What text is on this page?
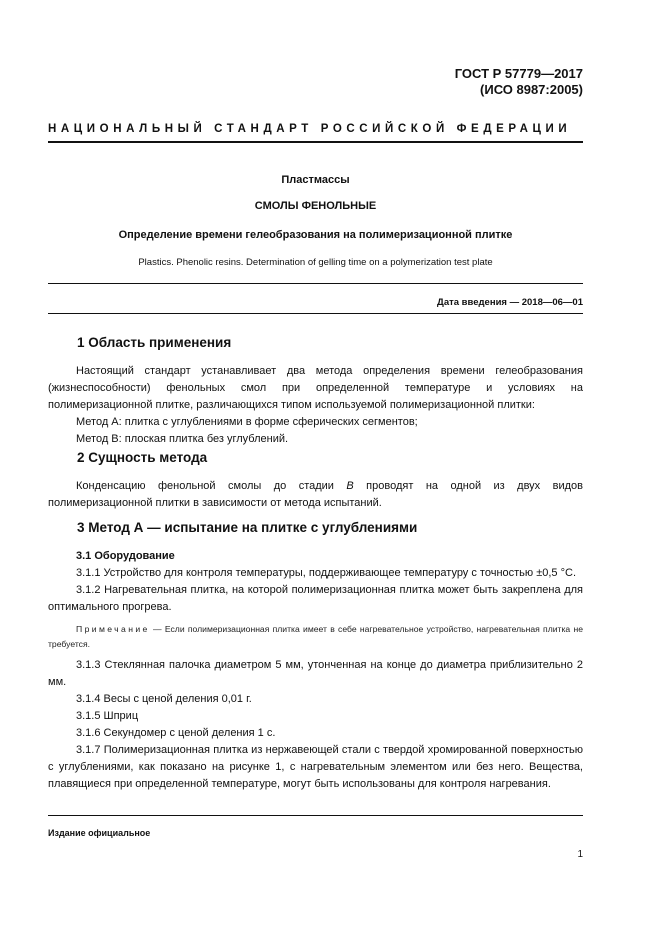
ГОСТ Р 57779—2017
(ИСО 8987:2005)
НАЦИОНАЛЬНЫЙ СТАНДАРТ РОССИЙСКОЙ ФЕДЕРАЦИИ
Пластмассы
СМОЛЫ ФЕНОЛЬНЫЕ
Определение времени гелеобразования на полимеризационной плитке
Plastics. Phenolic resins. Determination of gelling time on a polymerization test plate
Дата введения — 2018—06—01
1 Область применения

Настоящий стандарт устанавливает два метода определения времени гелеобразования (жизнеспособности) фенольных смол при определенной температуре и условиях на полимеризационной плитке, различающихся типом используемой полимеризационной плитки:

Метод А: плитка с углублениями в форме сферических сегментов;

Метод В: плоская плитка без углублений.

2 Сущность метода

Конденсацию фенольной смолы до стадии В проводят на одной из двух видов полимеризационной плитки в зависимости от метода испытаний.

3 Метод А — испытание на плитке с углублениями

3.1 Оборудование

3.1.1 Устройство для контроля температуры, поддерживающее температуру с точностью ±0,5 °С.

3.1.2 Нагревательная плитка, на которой полимеризационная плитка может быть закреплена для оптимального прогрева.

Примечание — Если полимеризационная плитка имеет в себе нагревательное устройство, нагревательная плитка не требуется.

3.1.3 Стеклянная палочка диаметром 5 мм, утонченная на конце до диаметра приблизительно 2 мм.

3.1.4 Весы с ценой деления 0,01 г.

3.1.5 Шприц

3.1.6 Секундомер с ценой деления 1 с.

3.1.7 Полимеризационная плитка из нержавеющей стали с твердой хромированной поверхностью с углублениями, как показано на рисунке 1, с нагревательным элементом или без него. Вещества, плавящиеся при определенной температуре, могут быть использованы для контроля нагревания.

Издание официальное
1
